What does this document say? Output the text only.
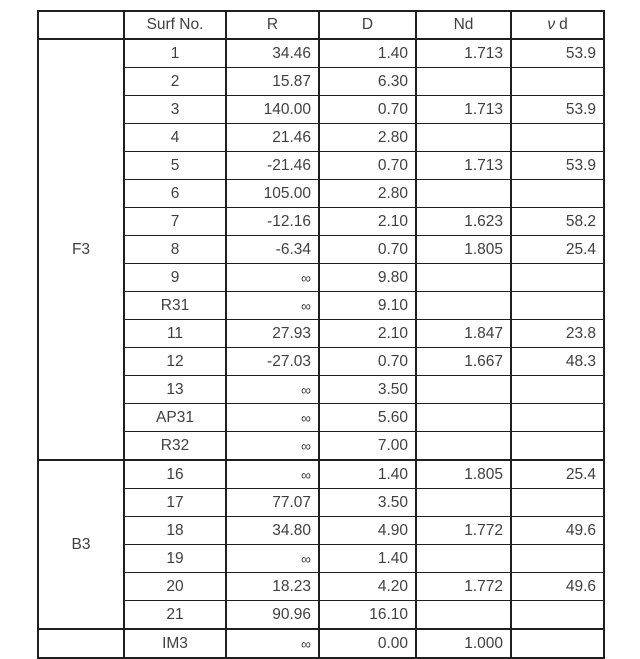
	Surf No.	R	D	Nd	ν d
F3	1	34.46	1.40	1.713	53.9
	2	15.87	6.30		
	3	140.00	0.70	1.713	53.9
	4	21.46	2.80		
	5	-21.46	0.70	1.713	53.9
	6	105.00	2.80		
	7	-12.16	2.10	1.623	58.2
	8	-6.34	0.70	1.805	25.4
	9	∞	9.80		
	R31	∞	9.10		
	11	27.93	2.10	1.847	23.8
	12	-27.03	0.70	1.667	48.3
	13	∞	3.50		
	AP31	∞	5.60		
	R32	∞	7.00		
B3	16	∞	1.40	1.805	25.4
	17	77.07	3.50		
	18	34.80	4.90	1.772	49.6
	19	∞	1.40		
	20	18.23	4.20	1.772	49.6
	21	90.96	16.10		
	IM3	∞	0.00	1.000	
